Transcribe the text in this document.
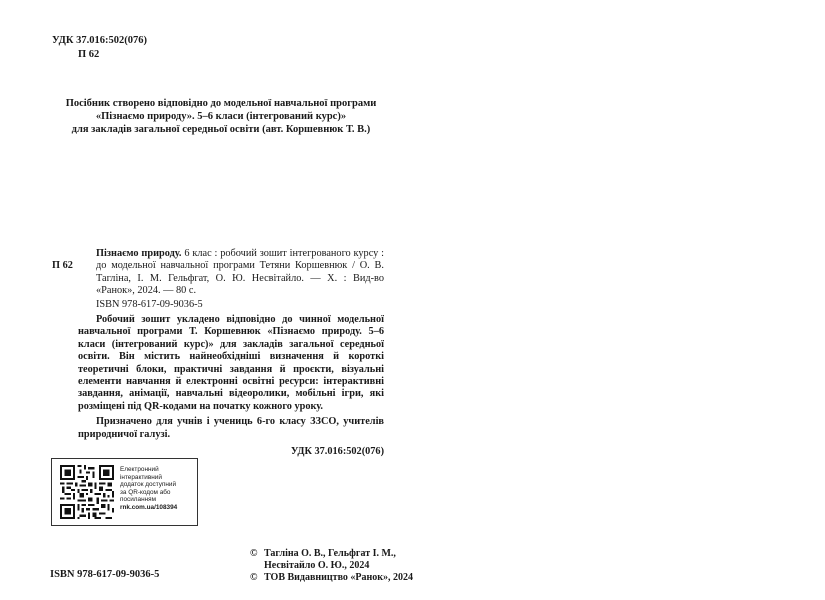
УДК 37.016:502(076)
П 62
Посібник створено відповідно до модельної навчальної програми
«Пізнаємо природу». 5–6 класи (інтегрований курс)»
для закладів загальної середньої освіти (авт. Коршевнюк Т. В.)
П 62
Пізнаємо природу. 6 клас : робочий зошит інтегрованого курсу : до модельної навчальної програми Тетяни Коршевнюк / О. В. Тагліна, І. М. Гельфгат, О. Ю. Несвітайло. — Х. : Вид-во «Ранок», 2024. — 80 с.
ISBN 978-617-09-9036-5

Робочий зошит укладено відповідно до чинної модельної навчальної програми Т. Коршевнюк «Пізнаємо природу. 5–6 класи (інтегрований курс)» для закладів загальної середньої освіти. Він містить найнеобхідніші визначення й короткі теоретичні блоки, практичні завдання й проєкти, візуальні елементи навчання й електронні освітні ресурси: інтерактивні завдання, анімації, навчальні відеоролики, мобільні ігри, які розміщені під QR-кодами на початку кожного уроку.

Призначено для учнів і учениць 6-го класу ЗЗСО, учителів природничої галузі.

УДК 37.016:502(076)
Електронний
інтерактивний
додаток доступний
за QR-кодом або
посиланням
rnk.com.ua/108394
© Тагліна О. В., Гельфгат І. М.,
Несвітайло О. Ю., 2024
© ТОВ Видавництво «Ранок», 2024
ISBN 978-617-09-9036-5
